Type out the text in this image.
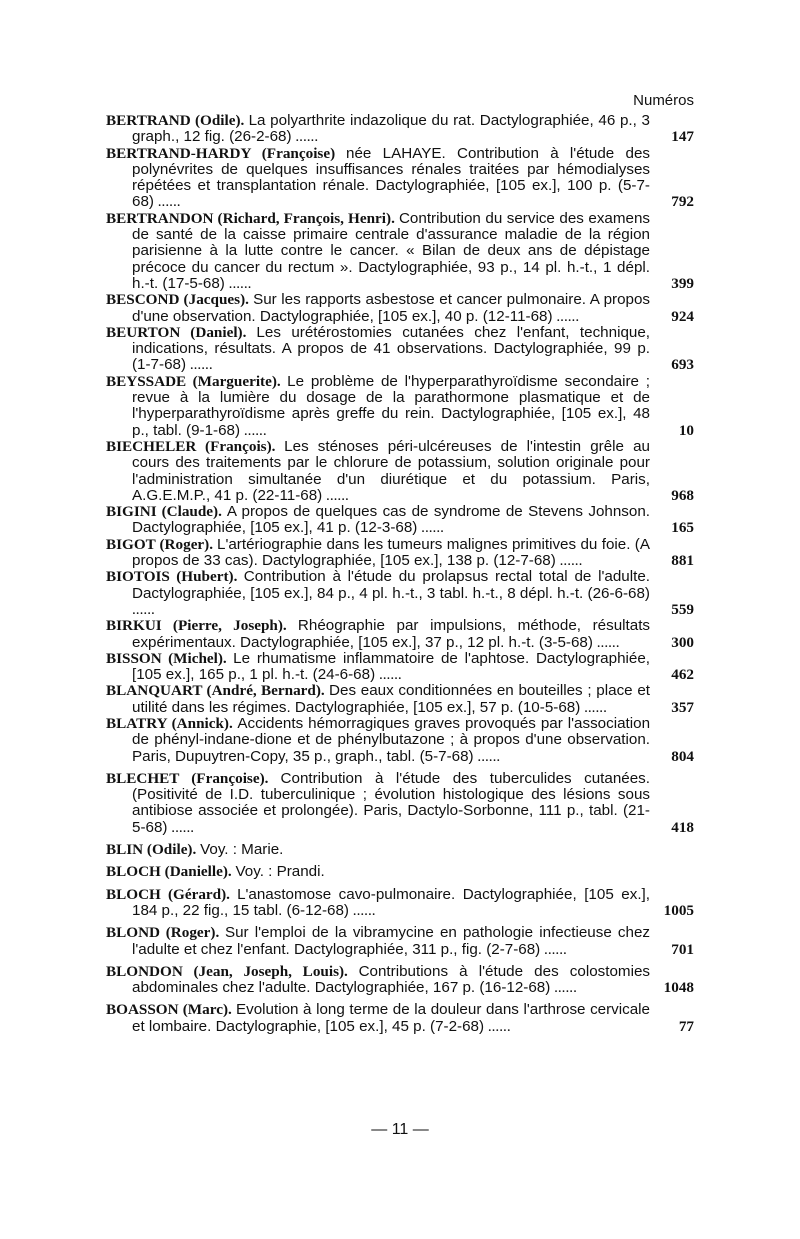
Numéros
BERTRAND (Odile). La polyarthrite indazolique du rat. Dactylographiée, 46 p., 3 graph., 12 fig. (26-2-68) ......	147
BERTRAND-HARDY (Françoise) née LAHAYE. Contribution à l'étude des polynévrites de quelques insuffisances rénales traitées par hémodialyses répétées et transplantation rénale. Dactylographiée, [105 ex.], 100 p. (5-7-68) ......	792
BERTRANDON (Richard, François, Henri). Contribution du service des examens de santé de la caisse primaire centrale d'assurance maladie de la région parisienne à la lutte contre le cancer. « Bilan de deux ans de dépistage précoce du cancer du rectum ». Dactylographiée, 93 p., 14 pl. h.-t., 1 dépl. h.-t. (17-5-68) ......	399
BESCOND (Jacques). Sur les rapports asbestose et cancer pulmonaire. A propos d'une observation. Dactylographiée, [105 ex.], 40 p. (12-11-68) ......	924
BEURTON (Daniel). Les urétérostomies cutanées chez l'enfant, technique, indications, résultats. A propos de 41 observations. Dactylographiée, 99 p. (1-7-68) ......	693
BEYSSADE (Marguerite). Le problème de l'hyperparathyroïdisme secondaire ; revue à la lumière du dosage de la parathormone plasmatique et de l'hyperparathyroïdisme après greffe du rein. Dactylographiée, [105 ex.], 48 p., tabl. (9-1-68) ......	10
BIECHELER (François). Les sténoses péri-ulcéreuses de l'intestin grêle au cours des traitements par le chlorure de potassium, solution originale pour l'administration simultanée d'un diurétique et du potassium. Paris, A.G.E.M.P., 41 p. (22-11-68) ......	968
BIGINI (Claude). A propos de quelques cas de syndrome de Stevens Johnson. Dactylographiée, [105 ex.], 41 p. (12-3-68) ......	165
BIGOT (Roger). L'artériographie dans les tumeurs malignes primitives du foie. (A propos de 33 cas). Dactylographiée, [105 ex.], 138 p. (12-7-68) ......	881
BIOTOIS (Hubert). Contribution à l'étude du prolapsus rectal total de l'adulte. Dactylographiée, [105 ex.], 84 p., 4 pl. h.-t., 3 tabl. h.-t., 8 dépl. h.-t. (26-6-68) ......	559
BIRKUI (Pierre, Joseph). Rhéographie par impulsions, méthode, résultats expérimentaux. Dactylographiée, [105 ex.], 37 p., 12 pl. h.-t. (3-5-68) ......	300
BISSON (Michel). Le rhumatisme inflammatoire de l'aphtose. Dactylographiée, [105 ex.], 165 p., 1 pl. h.-t. (24-6-68) ......	462
BLANQUART (André, Bernard). Des eaux conditionnées en bouteilles ; place et utilité dans les régimes. Dactylographiée, [105 ex.], 57 p. (10-5-68) ......	357
BLATRY (Annick). Accidents hémorragiques graves provoqués par l'association de phényl-indane-dione et de phénylbutazone ; à propos d'une observation. Paris, Dupuytren-Copy, 35 p., graph., tabl. (5-7-68) ......	804
BLECHET (Françoise). Contribution à l'étude des tuberculides cutanées. (Positivité de I.D. tuberculinique ; évolution histologique des lésions sous antibiose associée et prolongée). Paris, Dactylo-Sorbonne, 111 p., tabl. (21-5-68) ......	418
BLIN (Odile). Voy. : Marie.
BLOCH (Danielle). Voy. : Prandi.
BLOCH (Gérard). L'anastomose cavo-pulmonaire. Dactylographiée, [105 ex.], 184 p., 22 fig., 15 tabl. (6-12-68) ......	1005
BLOND (Roger). Sur l'emploi de la vibramycine en pathologie infectieuse chez l'adulte et chez l'enfant. Dactylographiée, 311 p., fig. (2-7-68) ......	701
BLONDON (Jean, Joseph, Louis). Contributions à l'étude des colostomies abdominales chez l'adulte. Dactylographiée, 167 p. (16-12-68) ......	1048
BOASSON (Marc). Evolution à long terme de la douleur dans l'arthrose cervicale et lombaire. Dactylographie, [105 ex.], 45 p. (7-2-68) ......	77
— 11 —
